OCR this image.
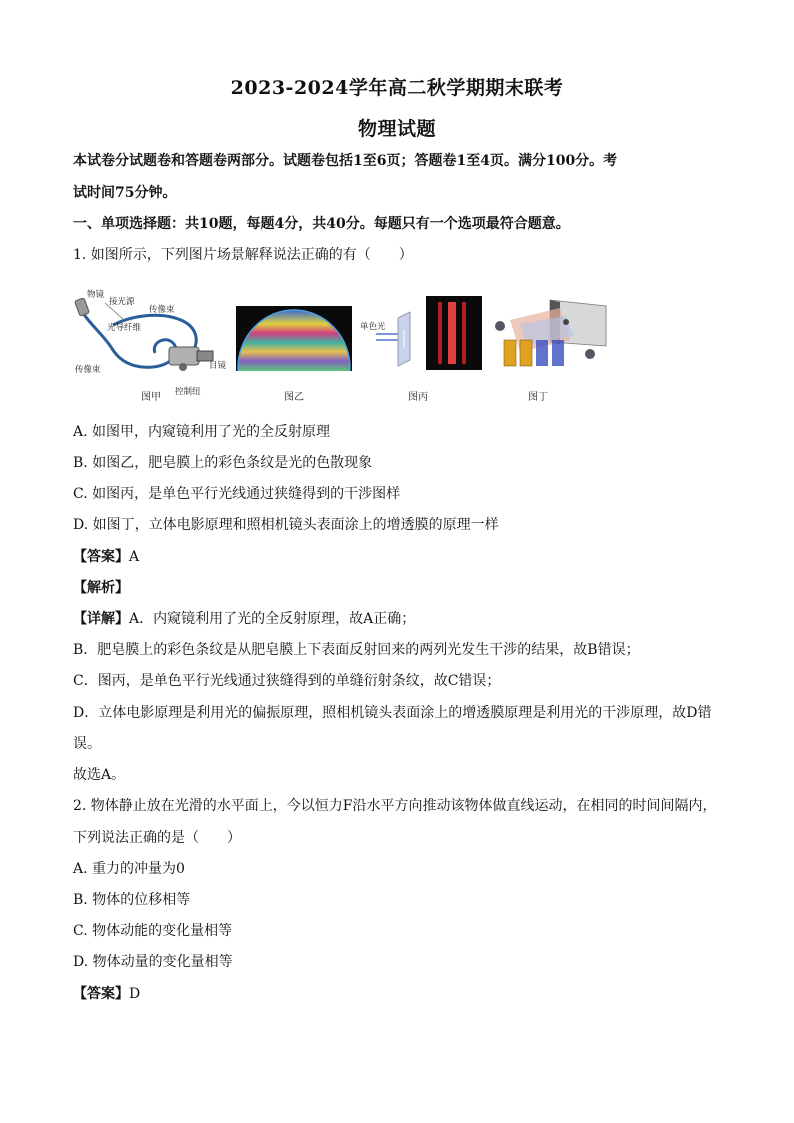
2023-2024学年高二秋学期期末联考
物理试题
本试卷分试题卷和答题卷两部分。试题卷包括1至6页；答题卷1至4页。满分100分。考
试时间75分钟。
一、单项选择题：共10题，每题4分，共40分。每题只有一个选项最符合题意。
1. 如图所示，下列图片场景解释说法正确的有（　　）
物镜
接光源
传像束
光导纤维
传像束	目镜
控制纽
图甲	图乙
单色光
图丙	图丁
A. 如图甲，内窥镜利用了光的全反射原理
B. 如图乙，肥皂膜上的彩色条纹是光的色散现象
C. 如图丙，是单色平行光线通过狭缝得到的干涉图样
D. 如图丁，立体电影原理和照相机镜头表面涂上的增透膜的原理一样
【答案】A
【解析】
【详解】A．内窥镜利用了光的全反射原理，故A正确；
B．肥皂膜上的彩色条纹是从肥皂膜上下表面反射回来的两列光发生干涉的结果，故B错误；
C．图丙，是单色平行光线通过狭缝得到的单缝衍射条纹，故C错误；
D．立体电影原理是利用光的偏振原理，照相机镜头表面涂上的增透膜原理是利用光的干涉原理，故D错
误。
故选A。
2. 物体静止放在光滑的水平面上，今以恒力F沿水平方向推动该物体做直线运动，在相同的时间间隔内，
下列说法正确的是（　　）
A. 重力的冲量为0
B. 物体的位移相等
C. 物体动能的变化量相等
D. 物体动量的变化量相等
【答案】D
